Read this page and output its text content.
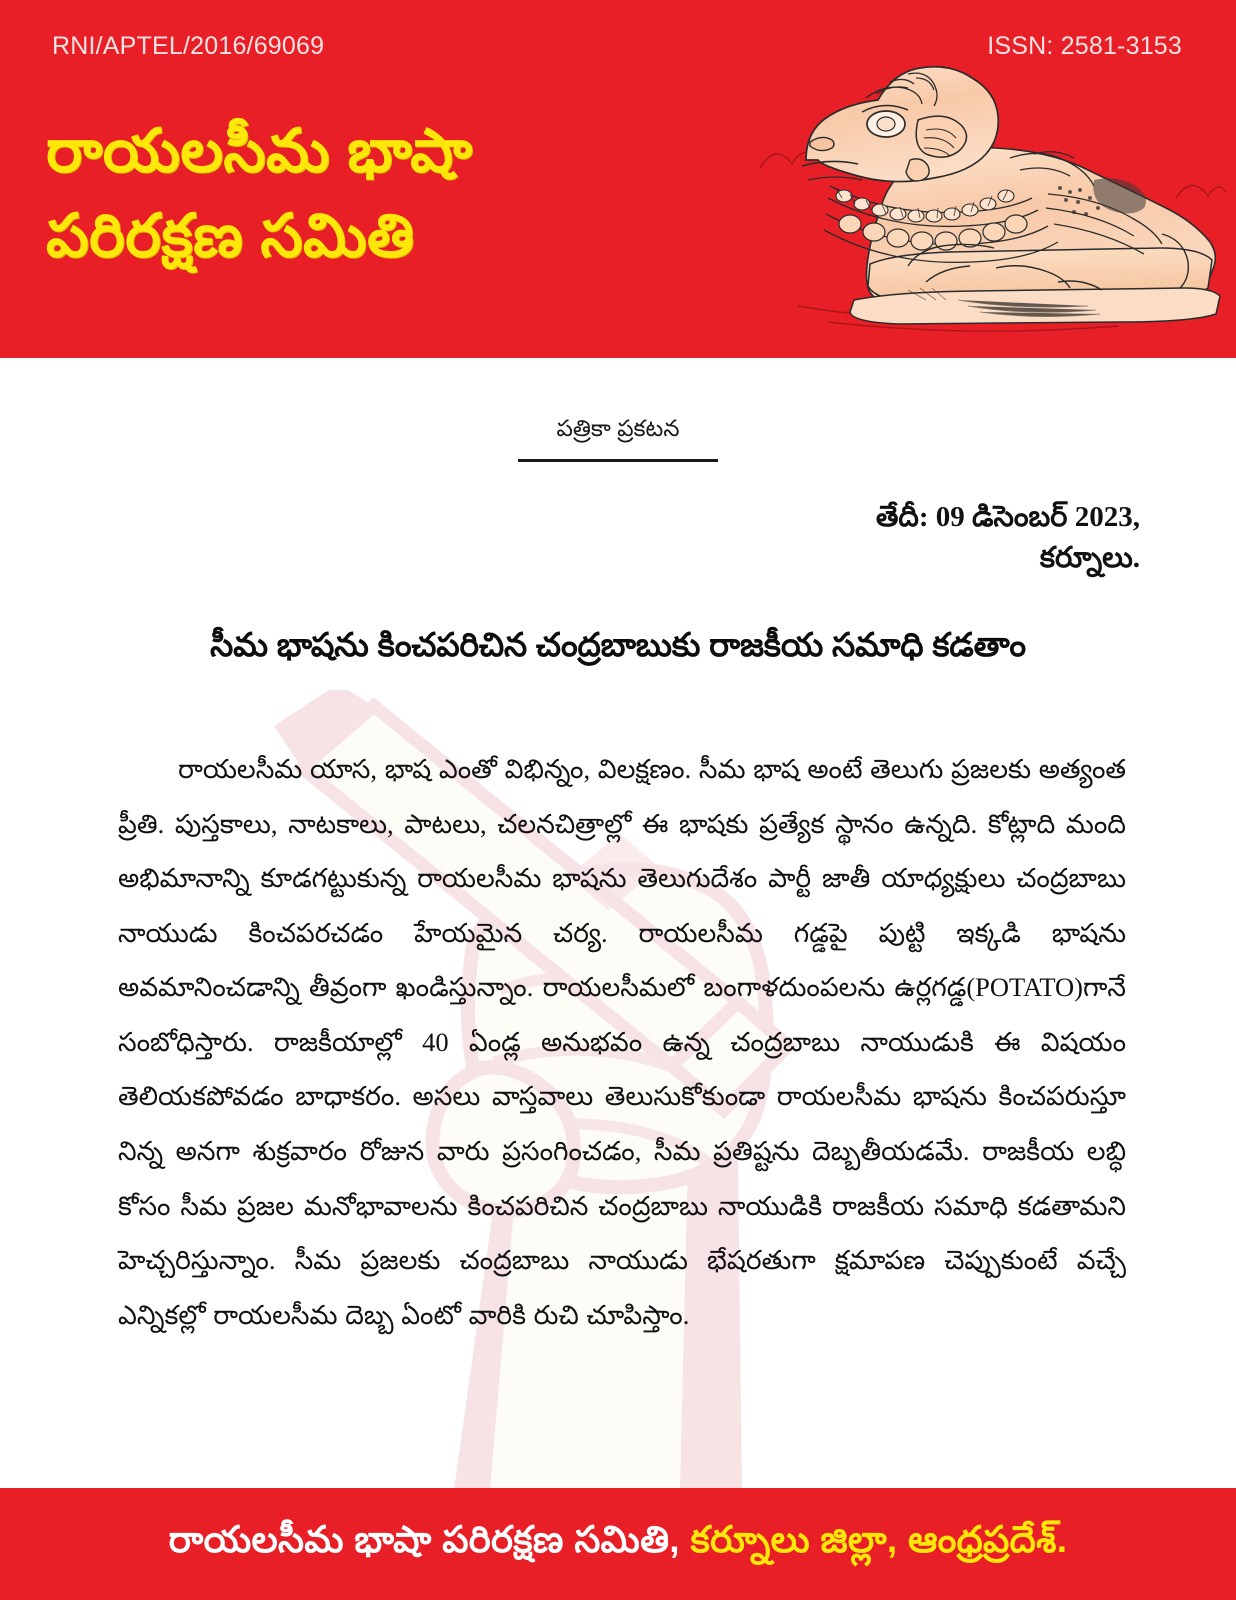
RNI/APTEL/2016/69069	ISSN: 2581-3153
రాయలసీమ భాషా
పరిరక్షణ సమితి
పత్రికా ప్రకటన
తేదీ: 09 డిసెంబర్ 2023,
కర్నూలు.
సీమ భాషను కించపరిచిన చంద్రబాబుకు రాజకీయ సమాధి కడతాం
రాయలసీమ యాస, భాష ఎంతో విభిన్నం, విలక్షణం. సీమ భాష అంటే తెలుగు ప్రజలకు అత్యంత ప్రీతి. పుస్తకాలు, నాటకాలు, పాటలు, చలనచిత్రాల్లో ఈ భాషకు ప్రత్యేక స్థానం ఉన్నది. కోట్లాది మంది అభిమానాన్ని కూడగట్టుకున్న రాయలసీమ భాషను తెలుగుదేశం పార్టీ జాతీ యాధ్యక్షులు చంద్రబాబు నాయుడు కించపరచడం హేయమైన చర్య. రాయలసీమ గడ్డపై పుట్టి ఇక్కడి భాషను అవమానించడాన్ని తీవ్రంగా ఖండిస్తున్నాం. రాయలసీమలో బంగాళదుంపలను ఉర్లగడ్డ(POTATO)గానే సంబోధిస్తారు. రాజకీయాల్లో 40 ఏండ్ల అనుభవం ఉన్న చంద్రబాబు నాయుడుకి ఈ విషయం తెలియకపోవడం బాధాకరం. అసలు వాస్తవాలు తెలుసుకోకుండా రాయలసీమ భాషను కించపరుస్తూ నిన్న అనగా శుక్రవారం రోజున వారు ప్రసంగించడం, సీమ ప్రతిష్టను దెబ్బతీయడమే. రాజకీయ లబ్ధి కోసం సీమ ప్రజల మనోభావాలను కించపరిచిన చంద్రబాబు నాయుడికి రాజకీయ సమాధి కడతామని హెచ్చరిస్తున్నాం. సీమ ప్రజలకు చంద్రబాబు నాయుడు భేషరతుగా క్షమాపణ చెప్పుకుంటే వచ్చే ఎన్నికల్లో రాయలసీమ దెబ్బ ఏంటో వారికి రుచి చూపిస్తాం.
రాయలసీమ భాషా పరిరక్షణ సమితి, కర్నూలు జిల్లా, ఆంధ్రప్రదేశ్.
